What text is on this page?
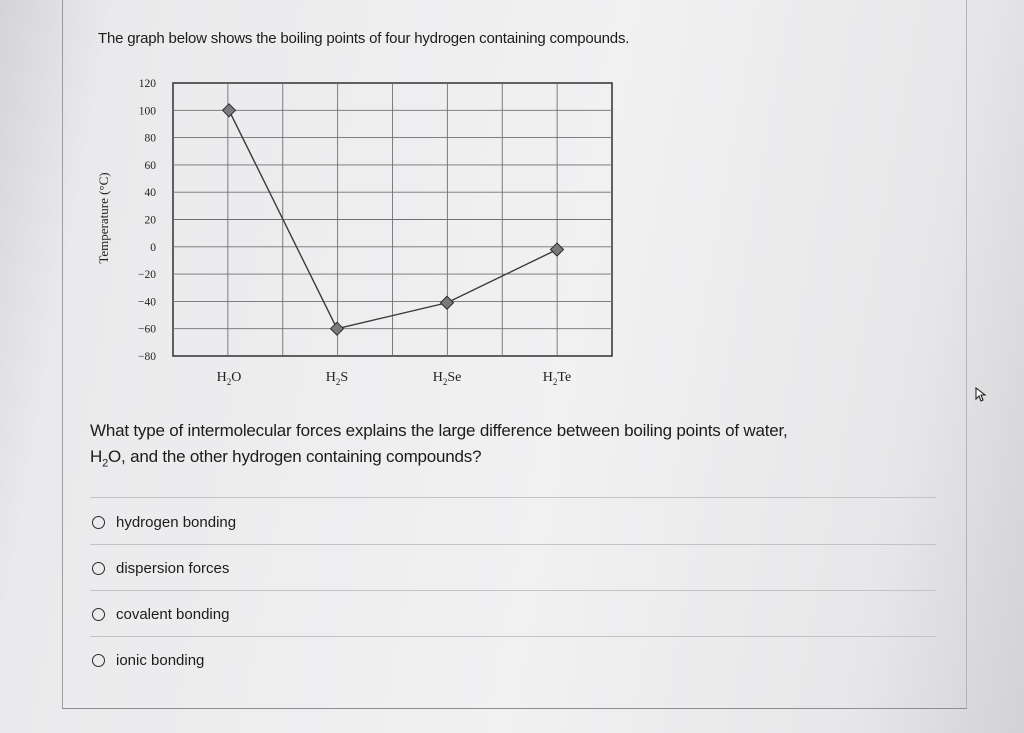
The graph below shows the boiling points of four hydrogen containing compounds.
120
100
80
60
40
20
0
−20
−40
−60
−80
$H_2O$	$H_2S$	$H_2Se$	$H_2Te$
Temperature (°C)
What type of intermolecular forces explains the large difference between boiling points of water,
$H_2O$, and the other hydrogen containing compounds?
hydrogen bonding
dispersion forces
covalent bonding
ionic bonding
